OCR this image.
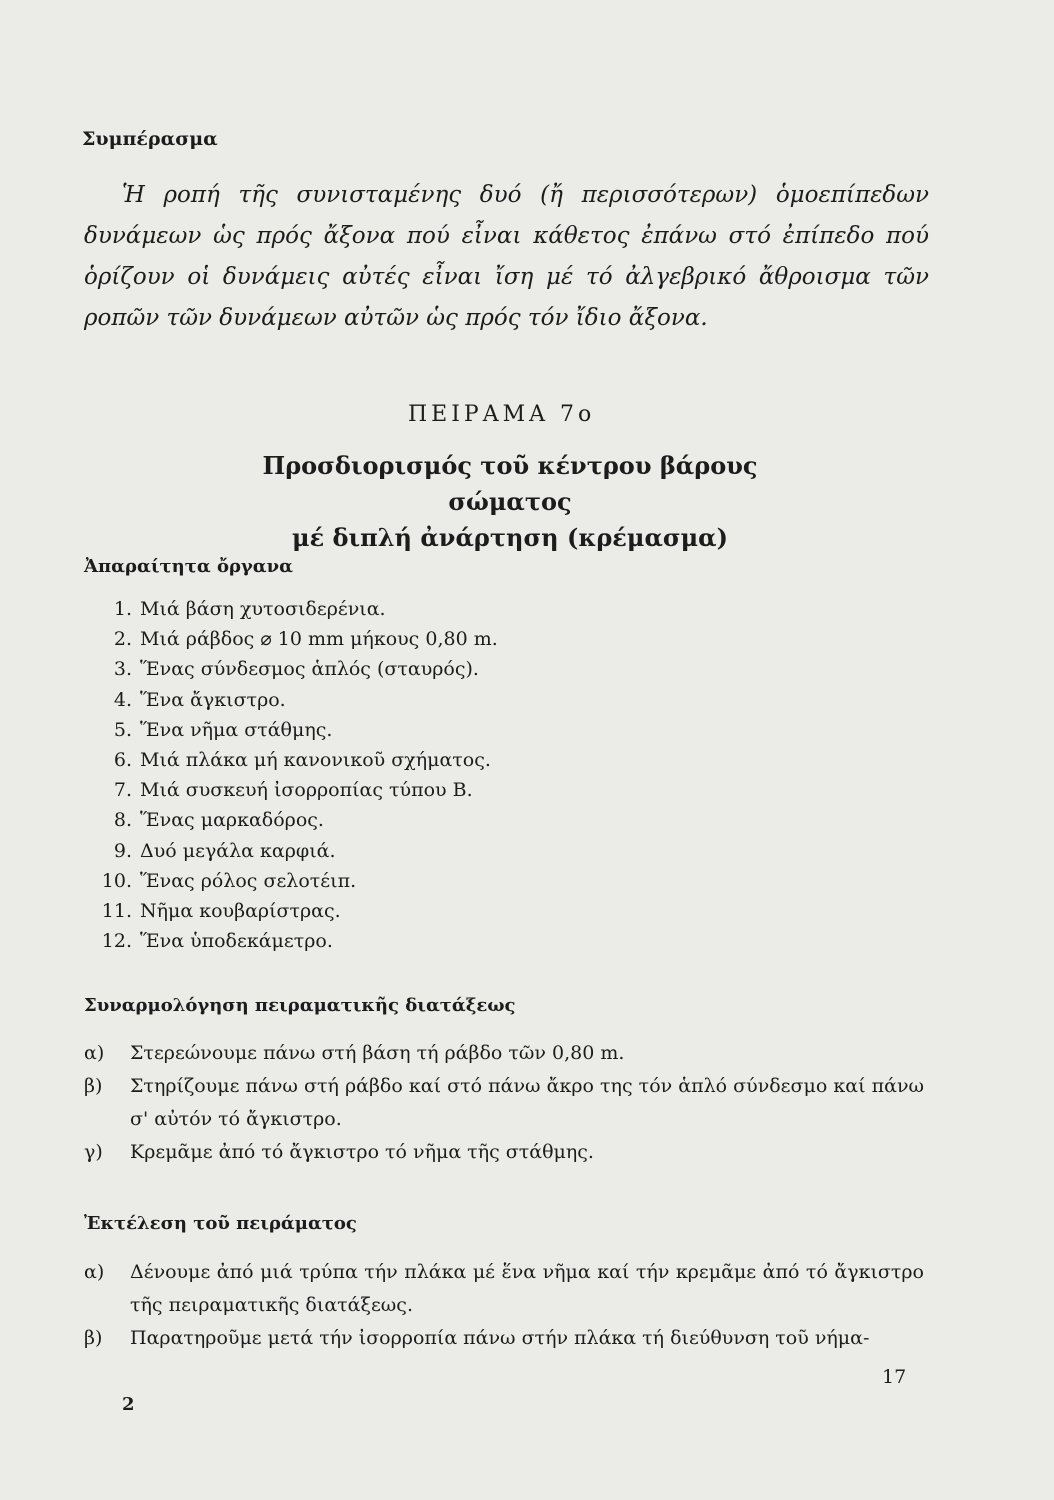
Συμπέρασμα
Ἡ ροπή τῆς συνισταμένης δυό (ἤ περισσότερων) ὁμοεπίπεδων δυνάμεων ὡς πρός ἄξονα πού εἶναι κάθετος ἐπάνω στό ἐπίπεδο πού ὁρίζουν οἱ δυνάμεις αὐτές εἶναι ἴση μέ τό ἀλγεβρικό ἄθροισμα τῶν ροπῶν τῶν δυνάμεων αὐτῶν ὡς πρός τόν ἴδιο ἄξονα.
ΠΕΙΡΑΜΑ 7ο
Προσδιορισμός τοῦ κέντρου βάρους σώματος
μέ διπλή ἀνάρτηση (κρέμασμα)
Ἀπαραίτητα ὄργανα
1. Μιά βάση χυτοσιδερένια.
2. Μιά ράβδος ⌀ 10 mm μήκους 0,80 m.
3. Ἕνας σύνδεσμος ἁπλός (σταυρός).
4. Ἕνα ἄγκιστρο.
5. Ἕνα νῆμα στάθμης.
6. Μιά πλάκα μή κανονικοῦ σχήματος.
7. Μιά συσκευή ἰσορροπίας τύπου Β.
8. Ἕνας μαρκαδόρος.
9. Δυό μεγάλα καρφιά.
10. Ἕνας ρόλος σελοτέιπ.
11. Νῆμα κουβαρίστρας.
12. Ἕνα ὑποδεκάμετρο.
Συναρμολόγηση πειραματικῆς διατάξεως
α)	Στερεώνουμε πάνω στή βάση τή ράβδο τῶν 0,80 m.
β)	Στηρίζουμε πάνω στή ράβδο καί στό πάνω ἄκρο της τόν ἁπλό σύνδεσμο καί πάνω σ' αὐτόν τό ἄγκιστρο.
γ)	Κρεμᾶμε ἀπό τό ἄγκιστρο τό νῆμα τῆς στάθμης.
Ἐκτέλεση τοῦ πειράματος
α)	Δένουμε ἀπό μιά τρύπα τήν πλάκα μέ ἕνα νῆμα καί τήν κρεμᾶμε ἀπό τό ἄγκιστρο τῆς πειραματικῆς διατάξεως.
β)	Παρατηροῦμε μετά τήν ἰσορροπία πάνω στήν πλάκα τή διεύθυνση τοῦ νήμα-
2
17
